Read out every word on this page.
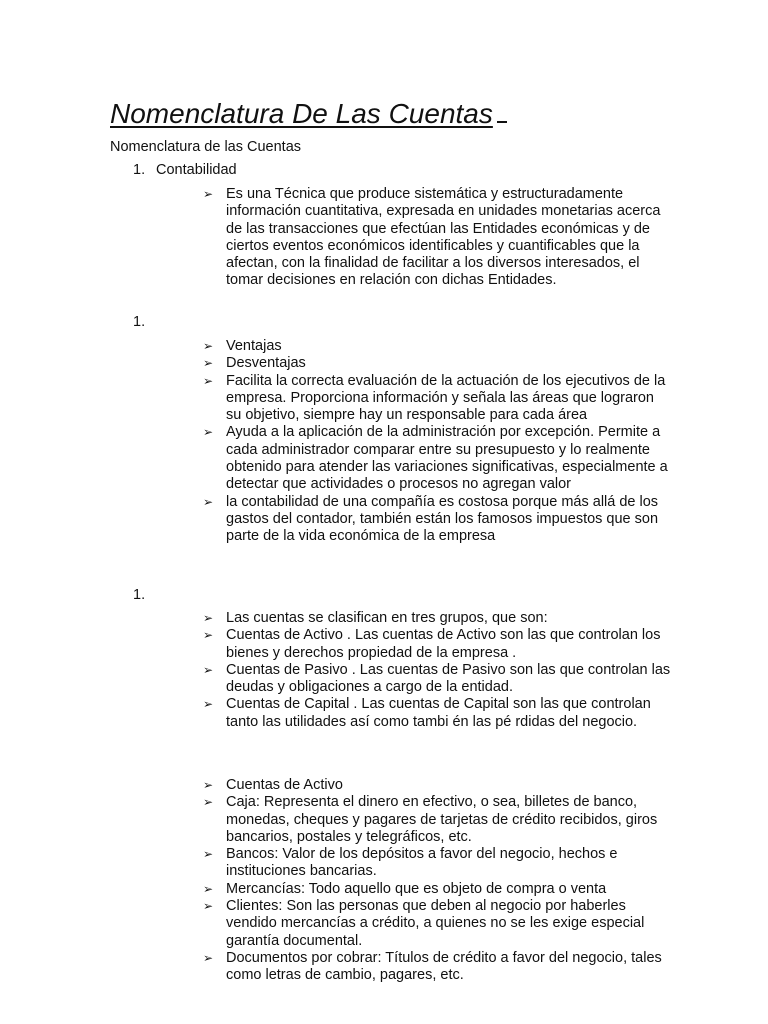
Nomenclatura De Las Cuentas
Nomenclatura de las Cuentas
1. Contabilidad
➢ Es una Técnica que produce sistemática y estructuradamente información cuantitativa, expresada en unidades monetarias acerca de las transacciones que efectúan las Entidades económicas y de ciertos eventos económicos identificables y cuantificables que la afectan, con la finalidad de facilitar a los diversos interesados, el tomar decisiones en relación con dichas Entidades.
1.
➢ Ventajas
➢ Desventajas
➢ Facilita la correcta evaluación de la actuación de los ejecutivos de la empresa. Proporciona información y señala las áreas que lograron su objetivo, siempre hay un responsable para cada área
➢ Ayuda a la aplicación de la administración por excepción. Permite a cada administrador comparar entre su presupuesto y lo realmente obtenido para atender las variaciones significativas, especialmente a detectar que actividades o procesos no agregan valor
➢ la contabilidad de una compañía es costosa porque más allá de los gastos del contador, también están los famosos impuestos que son parte de la vida económica de la empresa
1.
➢ Las cuentas se clasifican en tres grupos, que son:
➢ Cuentas de Activo . Las cuentas de Activo son las que controlan los bienes y derechos propiedad de la empresa .
➢ Cuentas de Pasivo . Las cuentas de Pasivo son las que controlan las deudas y obligaciones a cargo de la entidad.
➢ Cuentas de Capital . Las cuentas de Capital son las que controlan tanto las utilidades así como tambi én las pé rdidas del negocio.
➢ Cuentas de Activo
➢ Caja: Representa el dinero en efectivo, o sea, billetes de banco, monedas, cheques y pagares de tarjetas de crédito recibidos, giros bancarios, postales y telegráficos, etc.
➢ Bancos: Valor de los depósitos a favor del negocio, hechos e instituciones bancarias.
➢ Mercancías: Todo aquello que es objeto de compra o venta
➢ Clientes: Son las personas que deben al negocio por haberles vendido mercancías a crédito, a quienes no se les exige especial garantía documental.
➢ Documentos por cobrar: Títulos de crédito a favor del negocio, tales como letras de cambio, pagares, etc.
